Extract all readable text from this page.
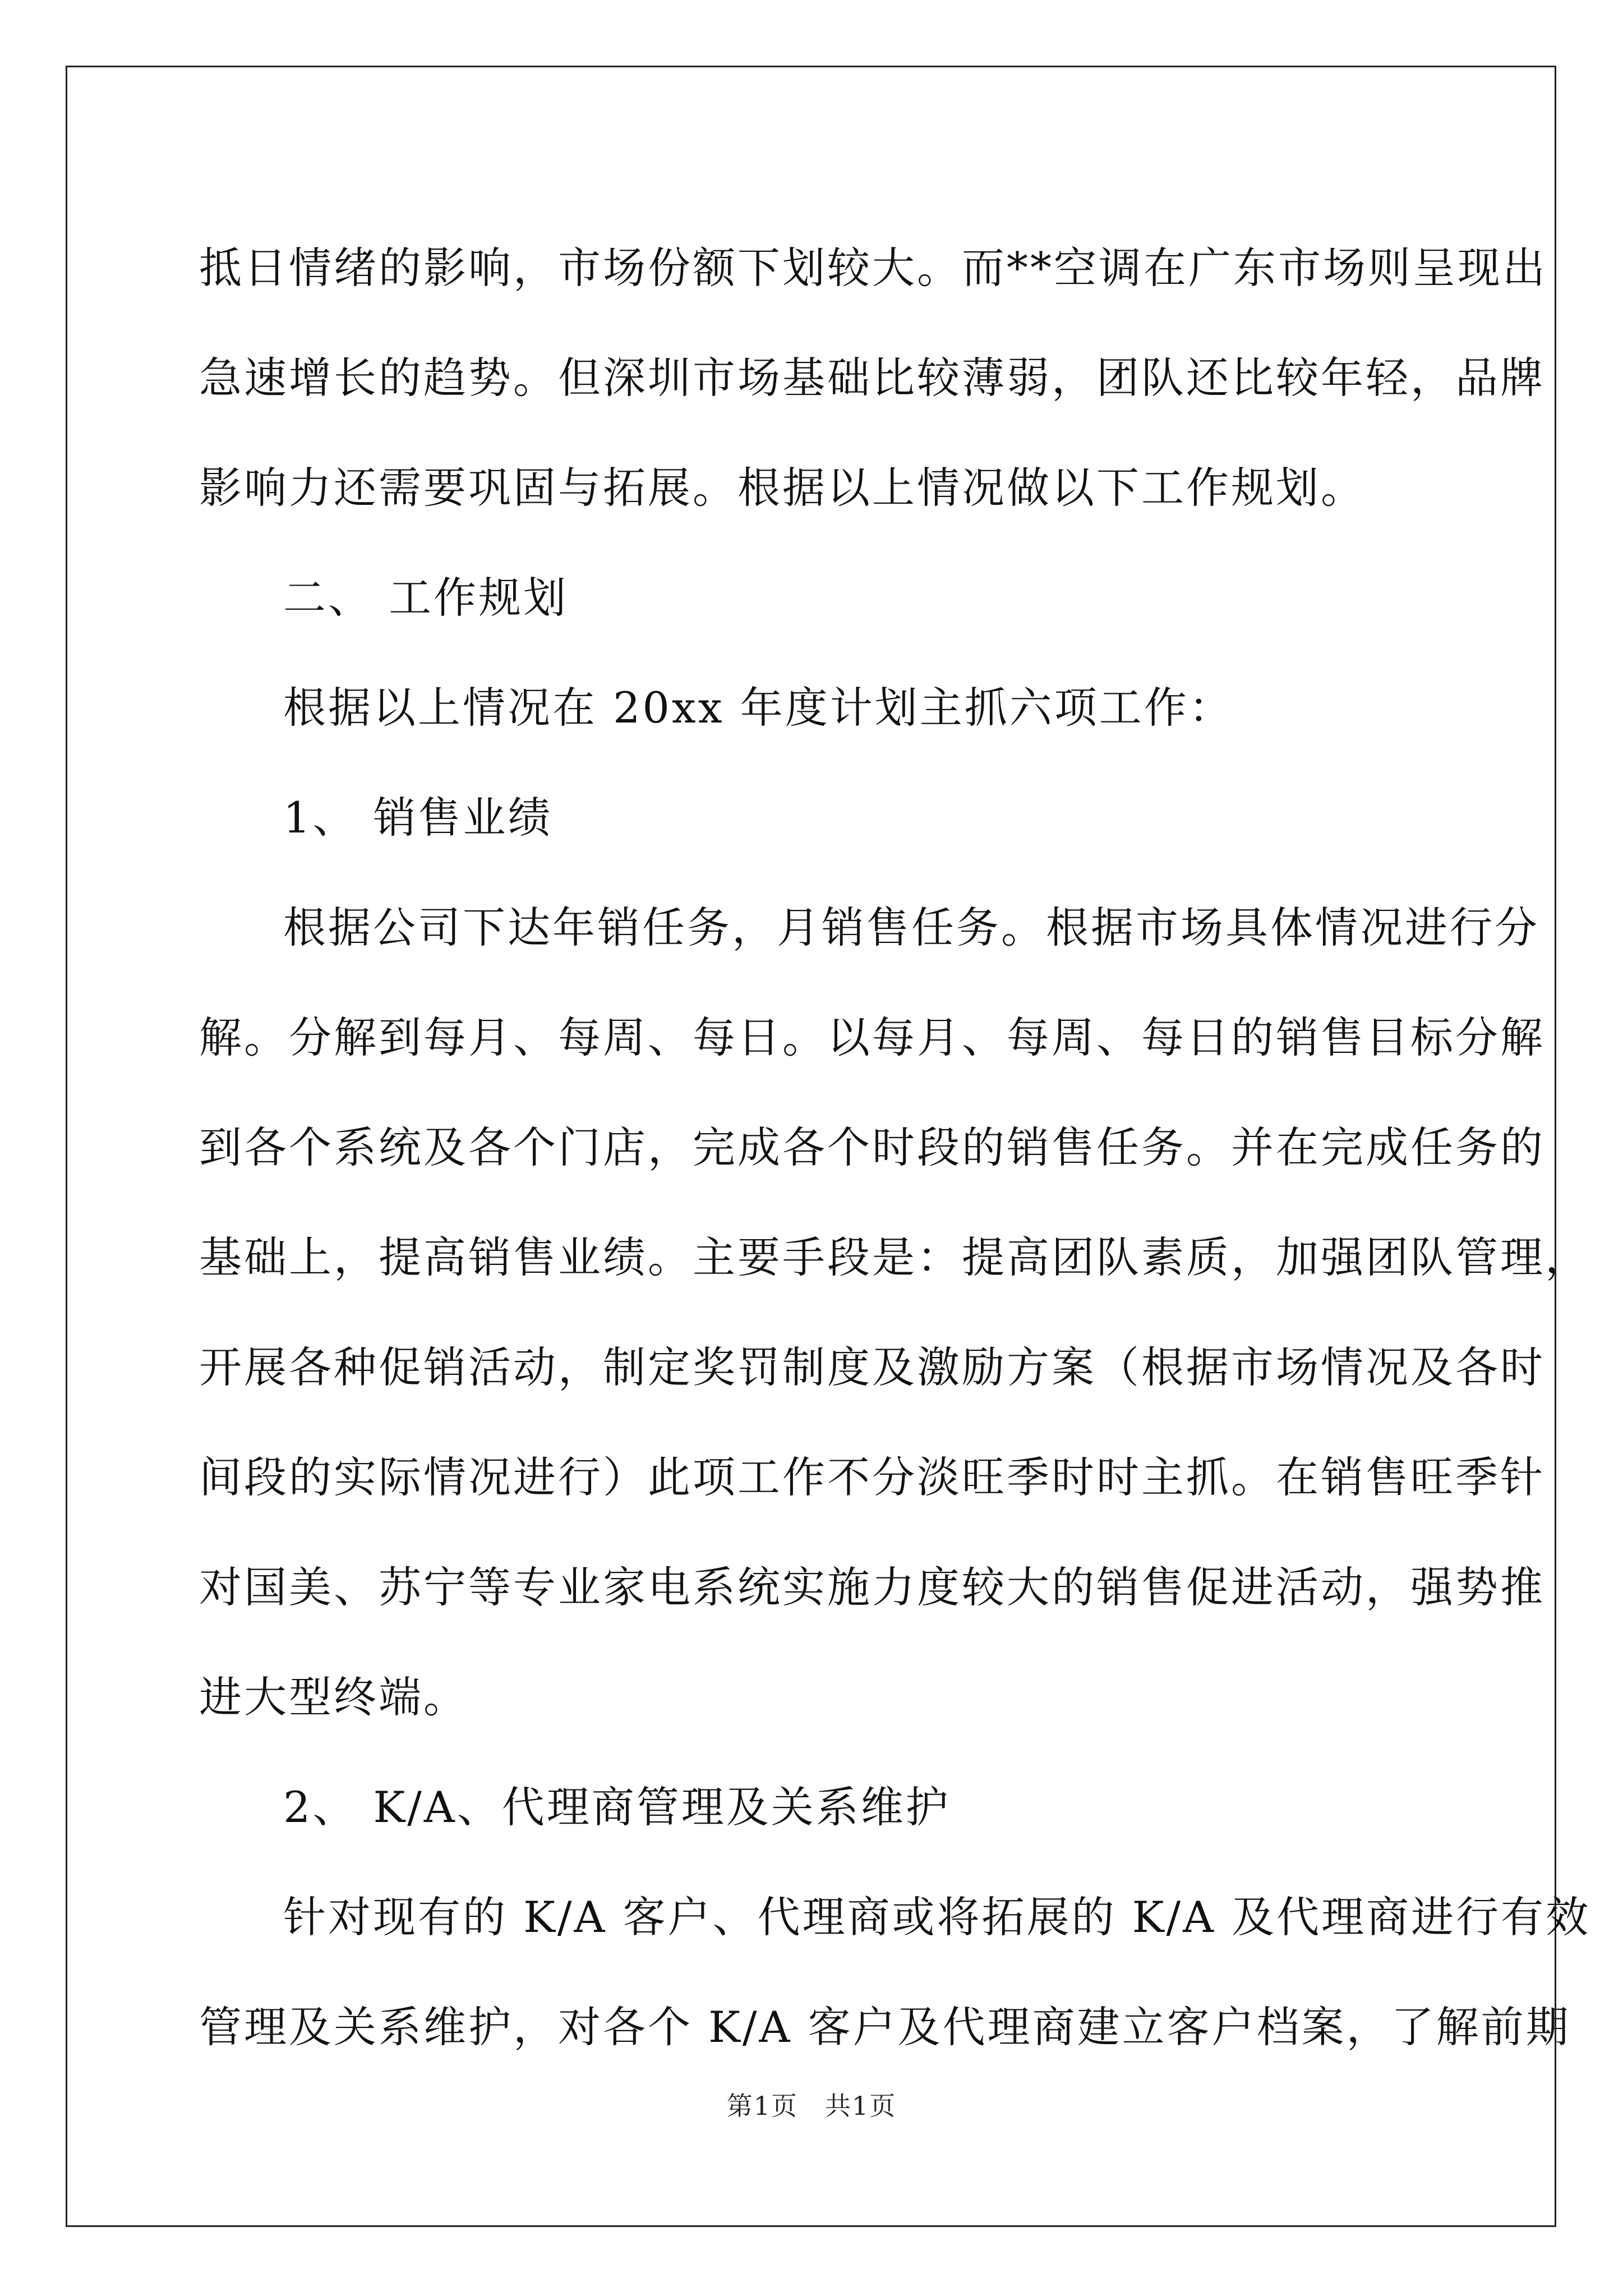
抵日情绪的影响，市场份额下划较大。而**空调在广东市场则呈现出
急速增长的趋势。但深圳市场基础比较薄弱，团队还比较年轻，品牌
影响力还需要巩固与拓展。根据以上情况做以下工作规划。
二、 工作规划
根据以上情况在 20xx 年度计划主抓六项工作：
1、 销售业绩
根据公司下达年销任务，月销售任务。根据市场具体情况进行分
解。分解到每月、每周、每日。以每月、每周、每日的销售目标分解
到各个系统及各个门店，完成各个时段的销售任务。并在完成任务的
基础上，提高销售业绩。主要手段是：提高团队素质，加强团队管理，
开展各种促销活动，制定奖罚制度及激励方案（根据市场情况及各时
间段的实际情况进行）此项工作不分淡旺季时时主抓。在销售旺季针
对国美、苏宁等专业家电系统实施力度较大的销售促进活动，强势推
进大型终端。
2、 K/A、代理商管理及关系维护
针对现有的 K/A 客户、代理商或将拓展的 K/A 及代理商进行有效
管理及关系维护，对各个 K/A 客户及代理商建立客户档案，了解前期
第1页　共1页
